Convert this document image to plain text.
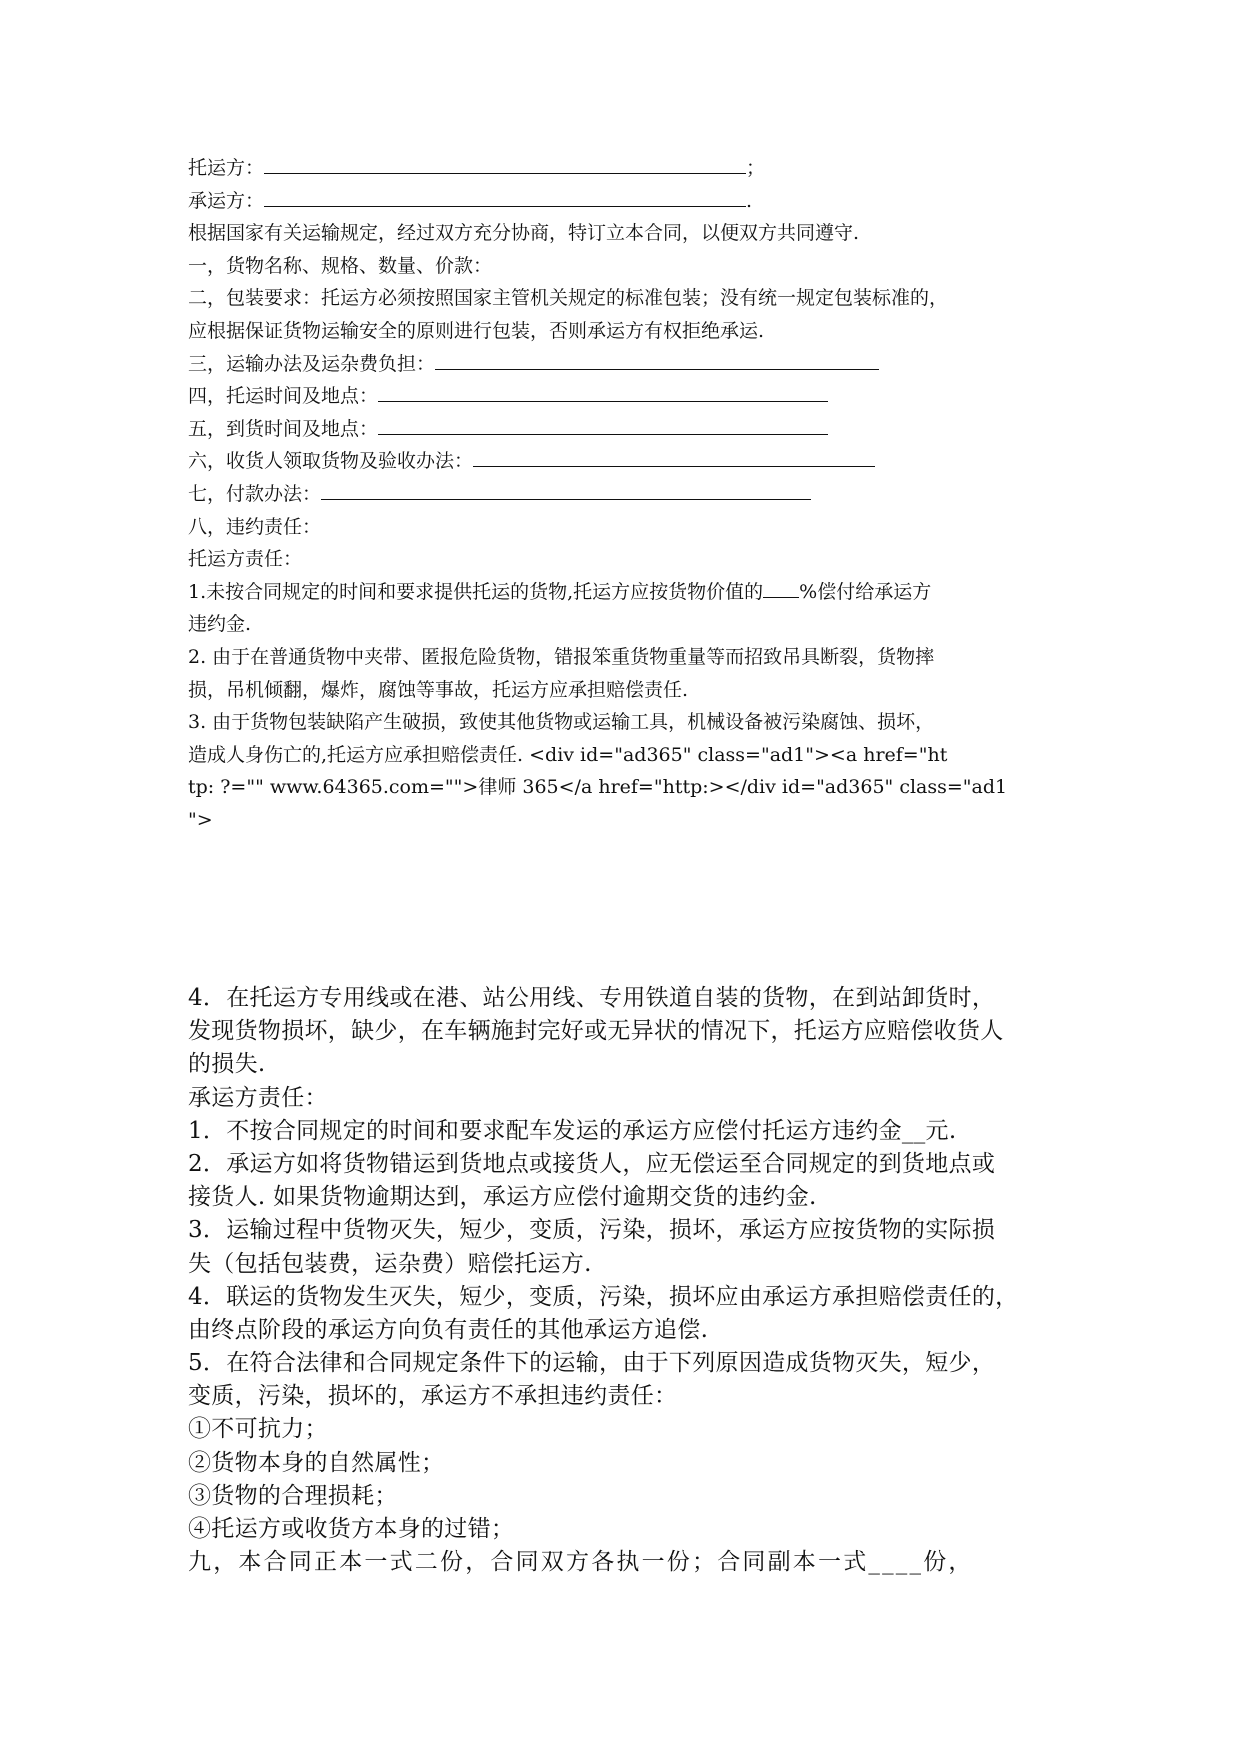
托运方：	；
承运方：	.
根据国家有关运输规定，经过双方充分协商，特订立本合同，以便双方共同遵守.
一，货物名称、规格、数量、价款：
二，包装要求：托运方必须按照国家主管机关规定的标准包装；没有统一规定包装标准的，
应根据保证货物运输安全的原则进行包装，否则承运方有权拒绝承运.
三，运输办法及运杂费负担：
四，托运时间及地点：
五，到货时间及地点：
六，收货人领取货物及验收办法：
七，付款办法：
八，违约责任：
托运方责任：
1.未按合同规定的时间和要求提供托运的货物,托运方应按货物价值的 %偿付给承运方
违约金.
2. 由于在普通货物中夹带、匿报危险货物，错报笨重货物重量等而招致吊具断裂，货物摔
损，吊机倾翻，爆炸，腐蚀等事故，托运方应承担赔偿责任.
3. 由于货物包装缺陷产生破损，致使其他货物或运输工具，机械设备被污染腐蚀、损坏，
造成人身伤亡的,托运方应承担赔偿责任. <div id="ad365" class="ad1"><a href="ht
tp: ?="" www.64365.com="">律师 365</a href="http:></div id="ad365" class="ad1
">
4．在托运方专用线或在港、站公用线、专用铁道自装的货物，在到站卸货时，
发现货物损坏，缺少，在车辆施封完好或无异状的情况下，托运方应赔偿收货人
的损失.
承运方责任：
1．不按合同规定的时间和要求配车发运的承运方应偿付托运方违约金__元.
2．承运方如将货物错运到货地点或接货人，应无偿运至合同规定的到货地点或
接货人. 如果货物逾期达到，承运方应偿付逾期交货的违约金.
3．运输过程中货物灭失，短少，变质，污染，损坏，承运方应按货物的实际损
失（包括包装费，运杂费）赔偿托运方.
4．联运的货物发生灭失，短少，变质，污染，损坏应由承运方承担赔偿责任的，
由终点阶段的承运方向负有责任的其他承运方追偿.
5．在符合法律和合同规定条件下的运输，由于下列原因造成货物灭失，短少，
变质，污染，损坏的，承运方不承担违约责任：
①不可抗力；
②货物本身的自然属性；
③货物的合理损耗；
④托运方或收货方本身的过错；
九，本合同正本一式二份，合同双方各执一份；合同副本一式____份，
